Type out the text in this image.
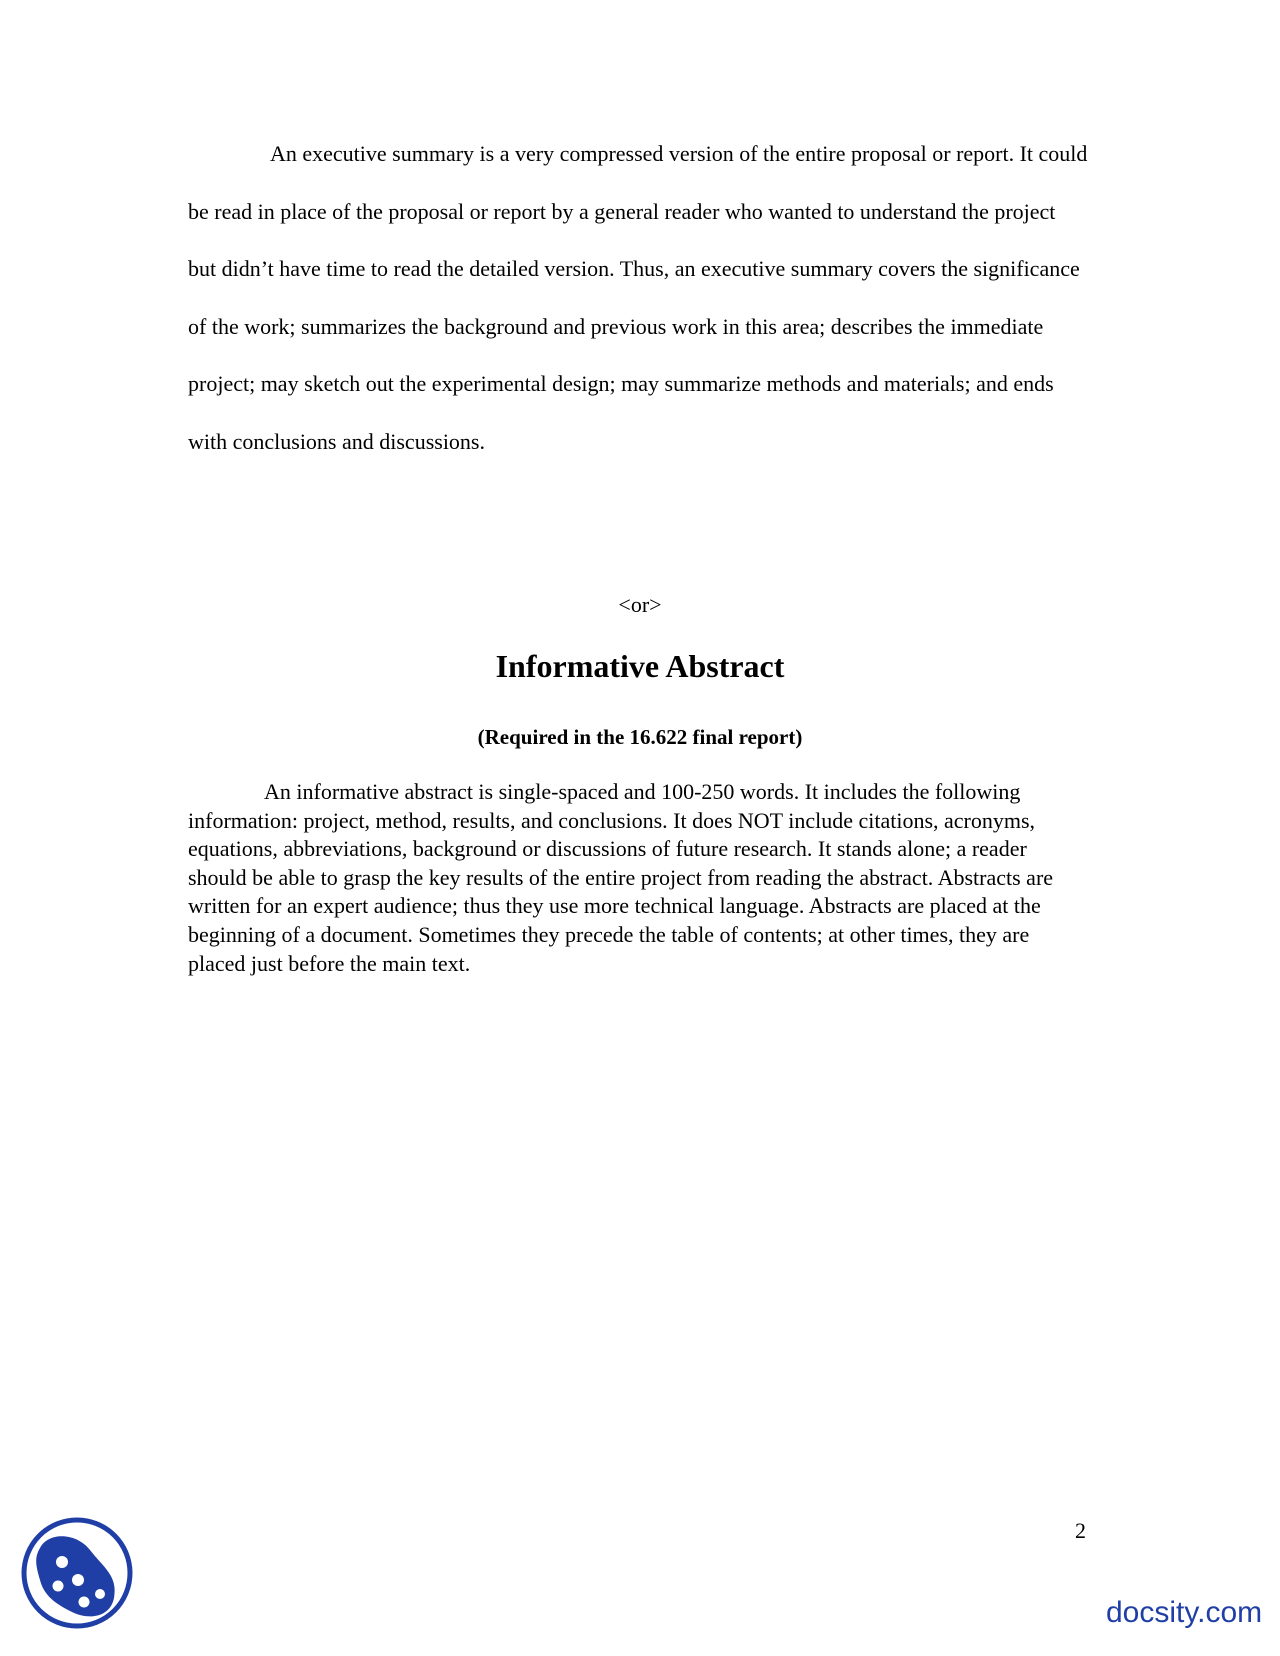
An executive summary is a very compressed version of the entire proposal or report. It could be read in place of the proposal or report by a general reader who wanted to understand the project but didn’t have time to read the detailed version. Thus, an executive summary covers the significance of the work; summarizes the background and previous work in this area; describes the immediate project; may sketch out the experimental design; may summarize methods and materials; and ends with conclusions and discussions.

<or>

Informative Abstract

(Required in the 16.622 final report)

An informative abstract is single-spaced and 100-250 words. It includes the following information: project, method, results, and conclusions. It does NOT include citations, acronyms, equations, abbreviations, background or discussions of future research. It stands alone; a reader should be able to grasp the key results of the entire project from reading the abstract. Abstracts are written for an expert audience; thus they use more technical language. Abstracts are placed at the beginning of a document. Sometimes they precede the table of contents; at other times, they are placed just before the main text.

2

docsity.com
